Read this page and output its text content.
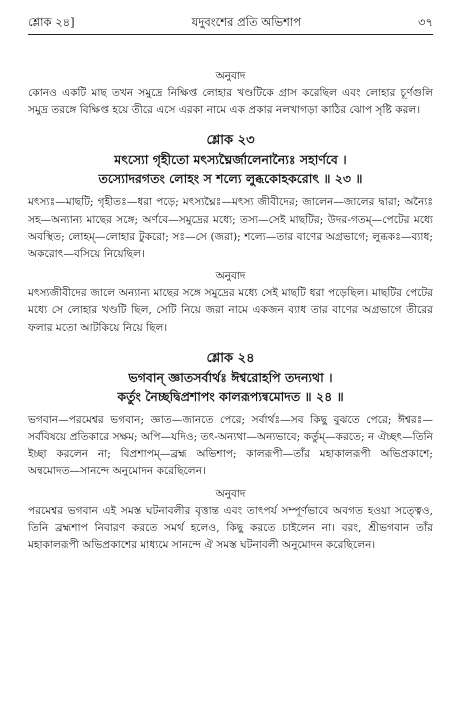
শ্লোক ২৪]	যদুবংশের প্রতি অভিশাপ	৩৭
অনুবাদ
কোনও একটি মাছ তখন সমুদ্রে নিক্ষিপ্ত লোহার খণ্ডটিকে গ্রাস করেছিল এবং লোহার চূর্ণগুলি সমুদ্র তরঙ্গে বিক্ষিপ্ত হয়ে তীরে এসে এরকা নামে এক প্রকার নলখাগড়া কাঠির ঝোপ সৃষ্টি করল।
শ্লোক ২৩
মৎস্যো গৃহীতো মৎস্যঘ্নৈর্জালেনান্যৈঃ সহার্ণবে ।
তস্যোদরগতং লোহং স শল্যে লুব্ধকোহকরোৎ ॥ ২৩ ॥
মৎস্যঃ—মাছটি; গৃহীতঃ—ধরা পড়ে; মৎস্যঘ্নৈঃ—মৎস্য জীবীদের; জালেন—জালের দ্বারা; অন্যৈঃ সহ—অন্যান্য মাছের সঙ্গে; অর্ণবে—সমুদ্রের মধ্যে; তস্য—সেই মাছটির; উদর-গতম্—পেটের মধ্যে অবস্থিত; লোহম্—লোহার টুকরো; সঃ—সে (জরা); শল্যে—তার বাণের অগ্রভাগে; লুব্ধকঃ—ব্যাধ; অকরোৎ—বসিয়ে নিয়েছিল।
অনুবাদ
মৎস্যজীবীদের জালে অন্যান্য মাছের সঙ্গে সমুদ্রের মধ্যে সেই মাছটি ধরা পড়েছিল। মাছটির পেটের মধ্যে সে লোহার খণ্ডটি ছিল, সেটি নিয়ে জরা নামে একজন ব্যাধ তার বাণের অগ্রভাগে তীরের ফলার মতো আটকিয়ে নিয়ে ছিল।
শ্লোক ২৪
ভগবান্ জ্ঞাতসর্বার্থঃ ঈশ্বরোহপি তদন্যথা ।
কর্তুং নৈচ্ছদ্বিপ্রশাপং কালরূপ্যন্বমোদত ॥ ২৪ ॥
ভগবান—পরমেশ্বর ভগবান; জ্ঞাত—জানতে পেরে; সর্বার্থঃ—সব কিছু বুঝতে পেরে; ঈশ্বরঃ—সর্ববিষয়ে প্রতিকারে সক্ষম; অপি—যদিও; তৎ-অন্যথা—অন্যভাবে; কর্তুম্—করতে; ন ঐচ্ছৎ—তিনি ইচ্ছা করলেন না; বিপ্রশাপম্—ব্রহ্ম অভিশাপ; কালরূপী—তাঁর মহাকালরূপী অভিপ্রকাশে; অন্বমোদত—সানন্দে অনুমোদন করেছিলেন।
অনুবাদ
পরমেশ্বর ভগবান এই সমস্ত ঘটনাবলীর বৃত্তান্ত এবং তাৎপর্য সম্পূর্ণভাবে অবগত হওয়া সত্ত্বেও, তিনি ব্রহ্মশাপ নিবারণ করতে সমর্থ হলেও, কিছু করতে চাইলেন না। বরং, শ্রীভগবান তাঁর মহাকালরূপী অভিপ্রকাশের মাধ্যমে সানন্দে ঐ সমস্ত ঘটনাবলী অনুমোদন করেছিলেন।
